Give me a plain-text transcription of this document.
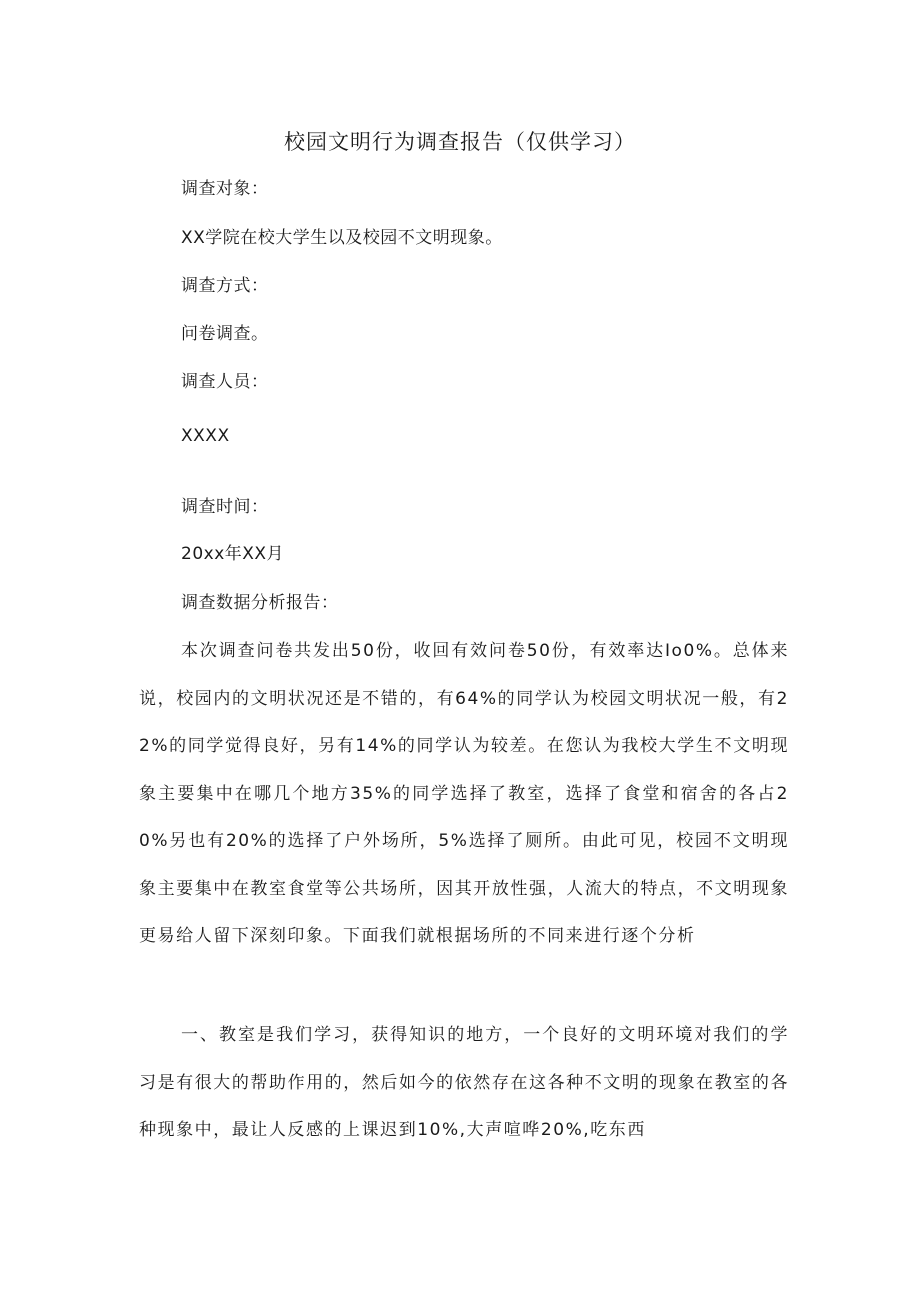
校园文明行为调查报告（仅供学习）
调查对象：
XX学院在校大学生以及校园不文明现象。
调查方式：
问卷调查。
调查人员：
XXXX
调查时间：
20xx年XX月
调查数据分析报告：
本次调查问卷共发出50份，收回有效问卷50份，有效率达Io0%。总体来说，校园内的文明状况还是不错的，有64%的同学认为校园文明状况一般，有22%的同学觉得良好，另有14%的同学认为较差。在您认为我校大学生不文明现象主要集中在哪几个地方35%的同学选择了教室，选择了食堂和宿舍的各占20%另也有20%的选择了户外场所，5%选择了厕所。由此可见，校园不文明现象主要集中在教室食堂等公共场所，因其开放性强，人流大的特点，不文明现象更易给人留下深刻印象。下面我们就根据场所的不同来进行逐个分析
一、教室是我们学习，获得知识的地方，一个良好的文明环境对我们的学习是有很大的帮助作用的，然后如今的依然存在这各种不文明的现象在教室的各种现象中，最让人反感的上课迟到10%,大声喧哗20%,吃东西
